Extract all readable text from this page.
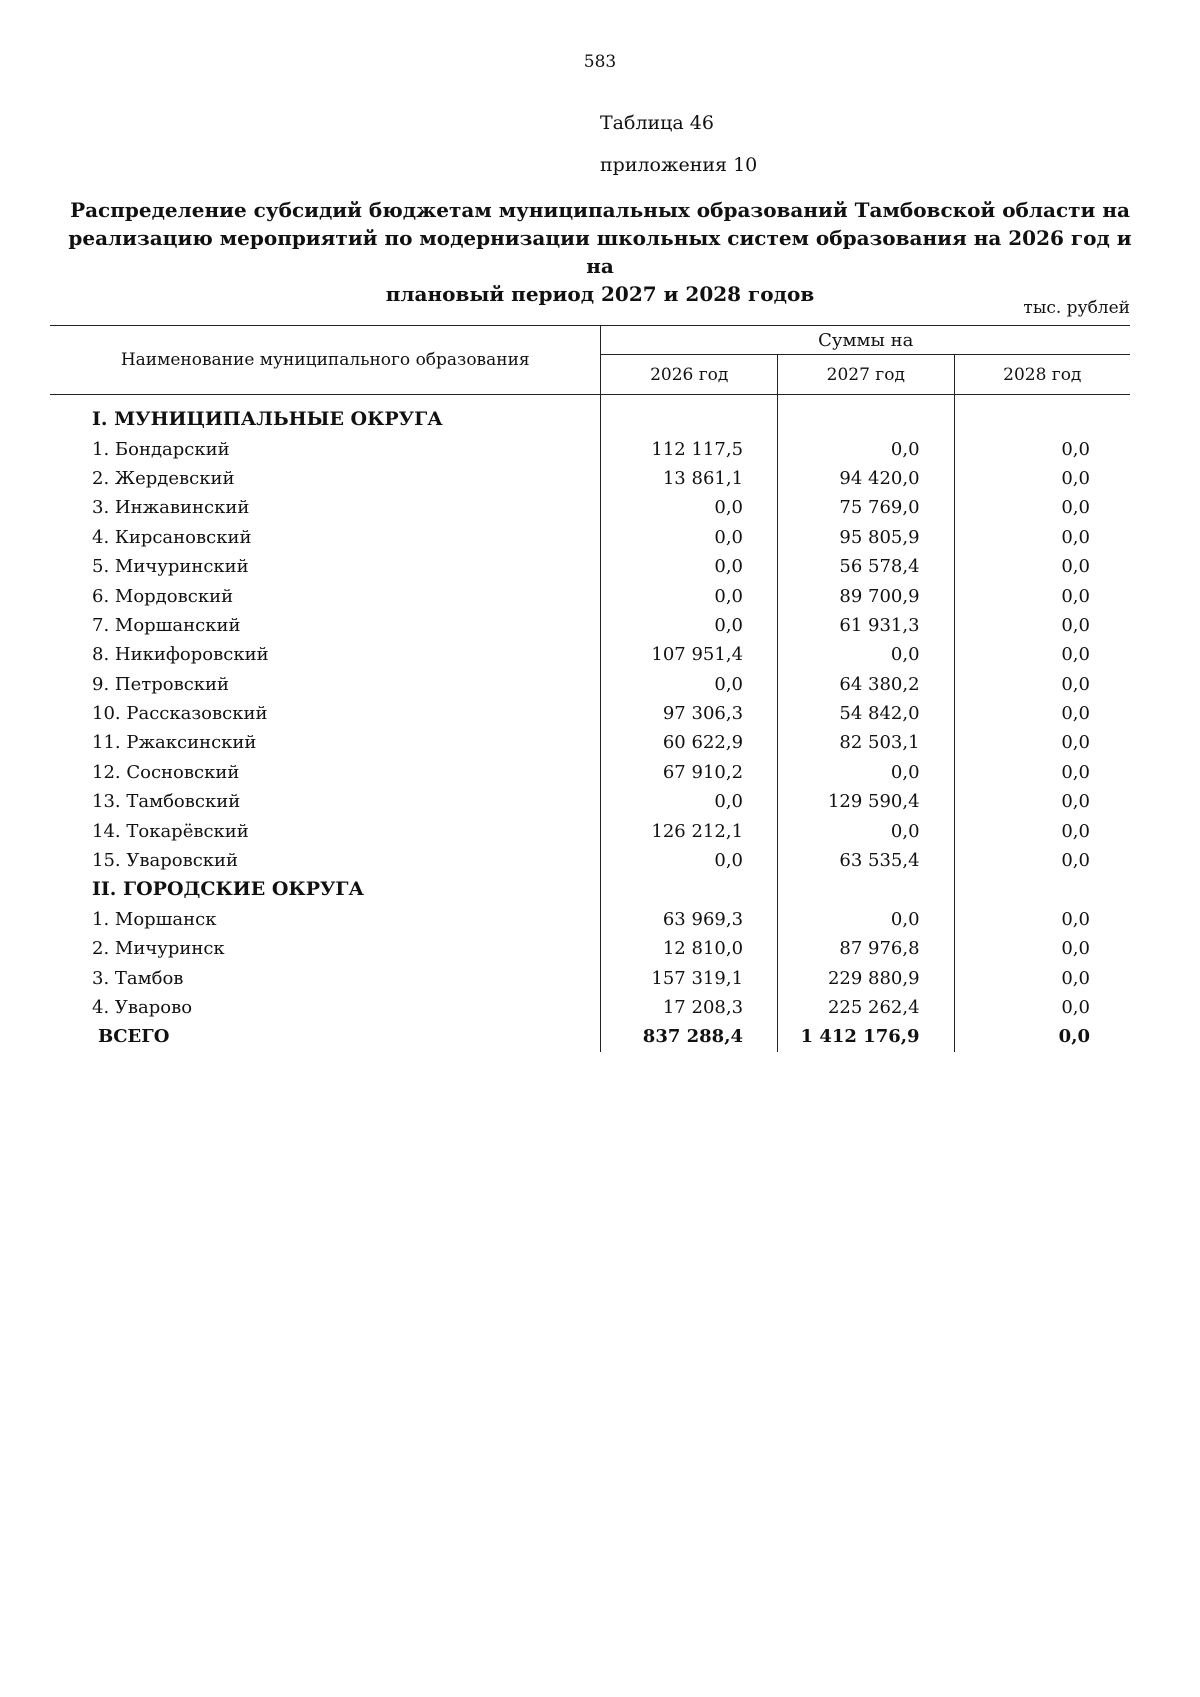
583
Таблица 46
приложения 10
Распределение субсидий бюджетам муниципальных образований Тамбовской области на
реализацию мероприятий по модернизации школьных систем образования на 2026 год и на
плановый период 2027 и 2028 годов
тыс. рублей
Наименование муниципального образования	Суммы на		
	2026 год	2027 год	2028 год
I. МУНИЦИПАЛЬНЫЕ ОКРУГА			
1. Бондарский	112 117,5	0,0	0,0
2. Жердевский	13 861,1	94 420,0	0,0
3. Инжавинский	0,0	75 769,0	0,0
4. Кирсановский	0,0	95 805,9	0,0
5. Мичуринский	0,0	56 578,4	0,0
6. Мордовский	0,0	89 700,9	0,0
7. Моршанский	0,0	61 931,3	0,0
8. Никифоровский	107 951,4	0,0	0,0
9. Петровский	0,0	64 380,2	0,0
10. Рассказовский	97 306,3	54 842,0	0,0
11. Ржаксинский	60 622,9	82 503,1	0,0
12. Сосновский	67 910,2	0,0	0,0
13. Тамбовский	0,0	129 590,4	0,0
14. Токарёвский	126 212,1	0,0	0,0
15. Уваровский	0,0	63 535,4	0,0
II. ГОРОДСКИЕ ОКРУГА			
1. Моршанск	63 969,3	0,0	0,0
2. Мичуринск	12 810,0	87 976,8	0,0
3. Тамбов	157 319,1	229 880,9	0,0
4. Уварово	17 208,3	225 262,4	0,0
ВСЕГО	837 288,4	1 412 176,9	0,0
